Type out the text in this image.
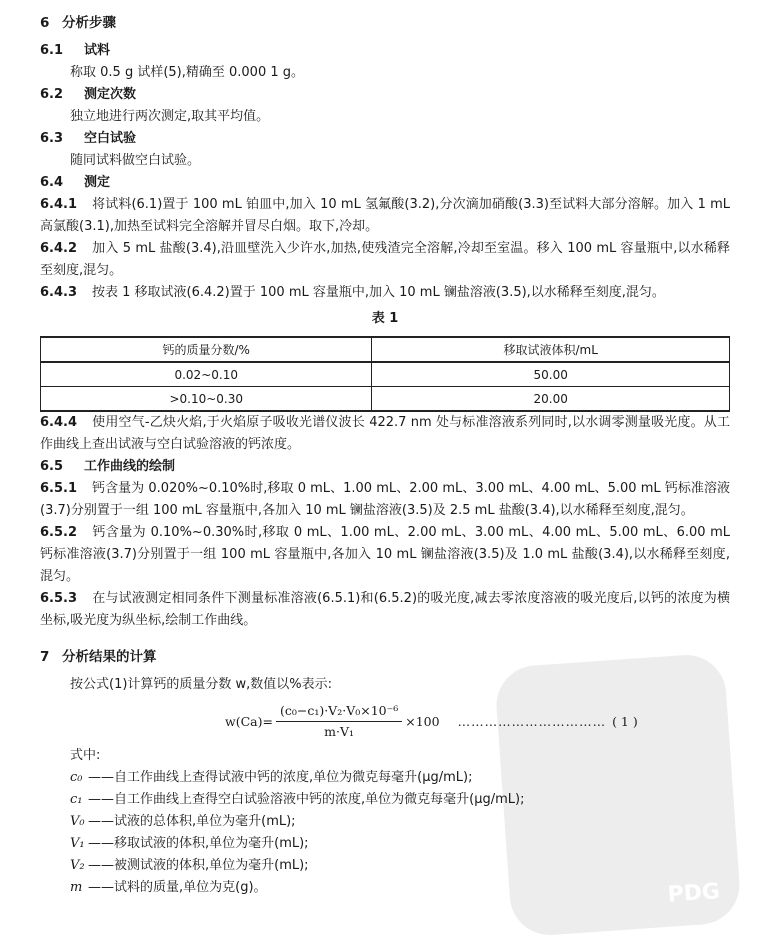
PDG
6 分析步骤
6.1 试料

称取 0.5 g 试样(5),精确至 0.000 1 g。

6.2 测定次数

独立地进行两次测定,取其平均值。

6.3 空白试验

随同试料做空白试验。

6.4 测定

6.4.1 将试料(6.1)置于 100 mL 铂皿中,加入 10 mL 氢氟酸(3.2),分次滴加硝酸(3.3)至试料大部分溶解。加入 1 mL 高氯酸(3.1),加热至试料完全溶解并冒尽白烟。取下,冷却。

6.4.2 加入 5 mL 盐酸(3.4),沿皿壁洗入少许水,加热,使残渣完全溶解,冷却至室温。移入 100 mL 容量瓶中,以水稀释至刻度,混匀。

6.4.3 按表 1 移取试液(6.4.2)置于 100 mL 容量瓶中,加入 10 mL 镧盐溶液(3.5),以水稀释至刻度,混匀。

表 1
钙的质量分数/%	移取试液体积/mL
0.02~0.10	50.00
>0.10~0.30	20.00

6.4.4 使用空气-乙炔火焰,于火焰原子吸收光谱仪波长 422.7 nm 处与标准溶液系列同时,以水调零测量吸光度。从工作曲线上查出试液与空白试验溶液的钙浓度。

6.5 工作曲线的绘制

6.5.1 钙含量为 0.020%~0.10%时,移取 0 mL、1.00 mL、2.00 mL、3.00 mL、4.00 mL、5.00 mL 钙标准溶液(3.7)分别置于一组 100 mL 容量瓶中,各加入 10 mL 镧盐溶液(3.5)及 2.5 mL 盐酸(3.4),以水稀释至刻度,混匀。

6.5.2 钙含量为 0.10%~0.30%时,移取 0 mL、1.00 mL、2.00 mL、3.00 mL、4.00 mL、5.00 mL、6.00 mL钙标准溶液(3.7)分别置于一组 100 mL 容量瓶中,各加入 10 mL 镧盐溶液(3.5)及 1.0 mL 盐酸(3.4),以水稀释至刻度,混匀。

6.5.3 在与试液测定相同条件下测量标准溶液(6.5.1)和(6.5.2)的吸光度,减去零浓度溶液的吸光度后,以钙的浓度为横坐标,吸光度为纵坐标,绘制工作曲线。

7 分析结果的计算

按公式(1)计算钙的质量分数 w,数值以%表示:

$w(Ca)= \frac{\text{(c₀−c₁)·V₂·V₀×10⁻⁶}}{\text{m·V₁}} \times 100$ …………………………… ( 1 )

式中:

c₀ ——自工作曲线上查得试液中钙的浓度,单位为微克每毫升(μg/mL);

c₁ ——自工作曲线上查得空白试验溶液中钙的浓度,单位为微克每毫升(μg/mL);

V₀ ——试液的总体积,单位为毫升(mL);

V₁ ——移取试液的体积,单位为毫升(mL);

V₂ ——被测试液的体积,单位为毫升(mL);

m ——试料的质量,单位为克(g)。
